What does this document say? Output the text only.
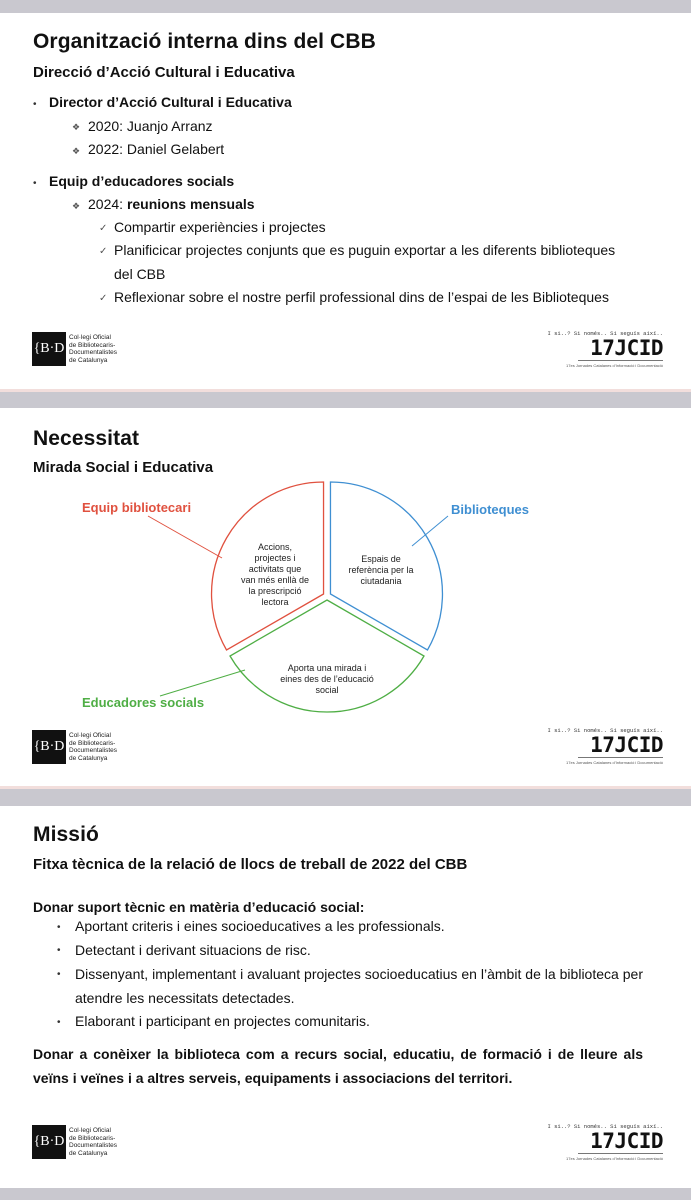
Organització interna dins del CBB
Direcció d’Acció Cultural i Educativa
• Director d’Acció Cultural i Educativa
❖ 2020: Juanjo Arranz
❖ 2022: Daniel Gelabert
• Equip d’educadores socials
❖ 2024: reunions mensuals
✓ Compartir experiències i projectes
✓ Planificicar projectes conjunts que es puguin exportar a les diferents biblioteques
del CBB
✓ Reflexionar sobre el nostre perfil professional dins de l’espai de les Biblioteques
{B·D
Col·legi Oficial
de Bibliotecaris-
Documentalistes
de Catalunya
I si..? Si només.. Si seguís així..
17JCID
17es Jornades Catalanes d’Informació i Documentació
Necessitat
Mirada Social i Educativa
Equip bibliotecari	Biblioteques
Educadores socials
Accions,
projectes i
activitats que
van més enllà de
la prescripció
lectora
Espais de
referència per la
ciutadania
Aporta una mirada i
eines des de l’educació
social
{B·D
Col·legi Oficial
de Bibliotecaris-
Documentalistes
de Catalunya
I si..? Si només.. Si seguís així..
17JCID
17es Jornades Catalanes d’Informació i Documentació
Missió
Fitxa tècnica de la relació de llocs de treball de 2022 del CBB
Donar suport tècnic en matèria d’educació social:
• Aportant criteris i eines socioeducatives a les professionals.
• Detectant i derivant situacions de risc.
• Dissenyant, implementant i avaluant projectes socioeducatius en l’àmbit de la biblioteca per atendre les necessitats detectades.
• Elaborant i participant en projectes comunitaris.
Donar a conèixer la biblioteca com a recurs social, educatiu, de formació i de lleure als veïns i veïnes i a altres serveis, equipaments i associacions del territori.
{B·D
Col·legi Oficial
de Bibliotecaris-
Documentalistes
de Catalunya
I si..? Si només.. Si seguís així..
17JCID
17es Jornades Catalanes d’Informació i Documentació
